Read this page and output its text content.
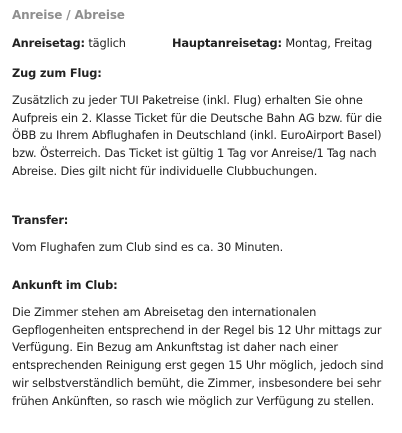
Anreise / Abreise
Anreisetag: täglich	Hauptanreisetag: Montag, Freitag
Zug zum Flug:
Zusätzlich zu jeder TUI Paketreise (inkl. Flug) erhalten Sie ohne Aufpreis ein 2. Klasse Ticket für die Deutsche Bahn AG bzw. für die ÖBB zu Ihrem Abflughafen in Deutschland (inkl. EuroAirport Basel) bzw. Österreich. Das Ticket ist gültig 1 Tag vor Anreise/1 Tag nach Abreise. Dies gilt nicht für individuelle Clubbuchungen.
Transfer:
Vom Flughafen zum Club sind es ca. 30 Minuten.
Ankunft im Club:
Die Zimmer stehen am Abreisetag den internationalen Gepflogenheiten entsprechend in der Regel bis 12 Uhr mittags zur Verfügung. Ein Bezug am Ankunftstag ist daher nach einer entsprechenden Reinigung erst gegen 15 Uhr möglich, jedoch sind wir selbstverständlich bemüht, die Zimmer, insbesondere bei sehr frühen Ankünften, so rasch wie möglich zur Verfügung zu stellen.
